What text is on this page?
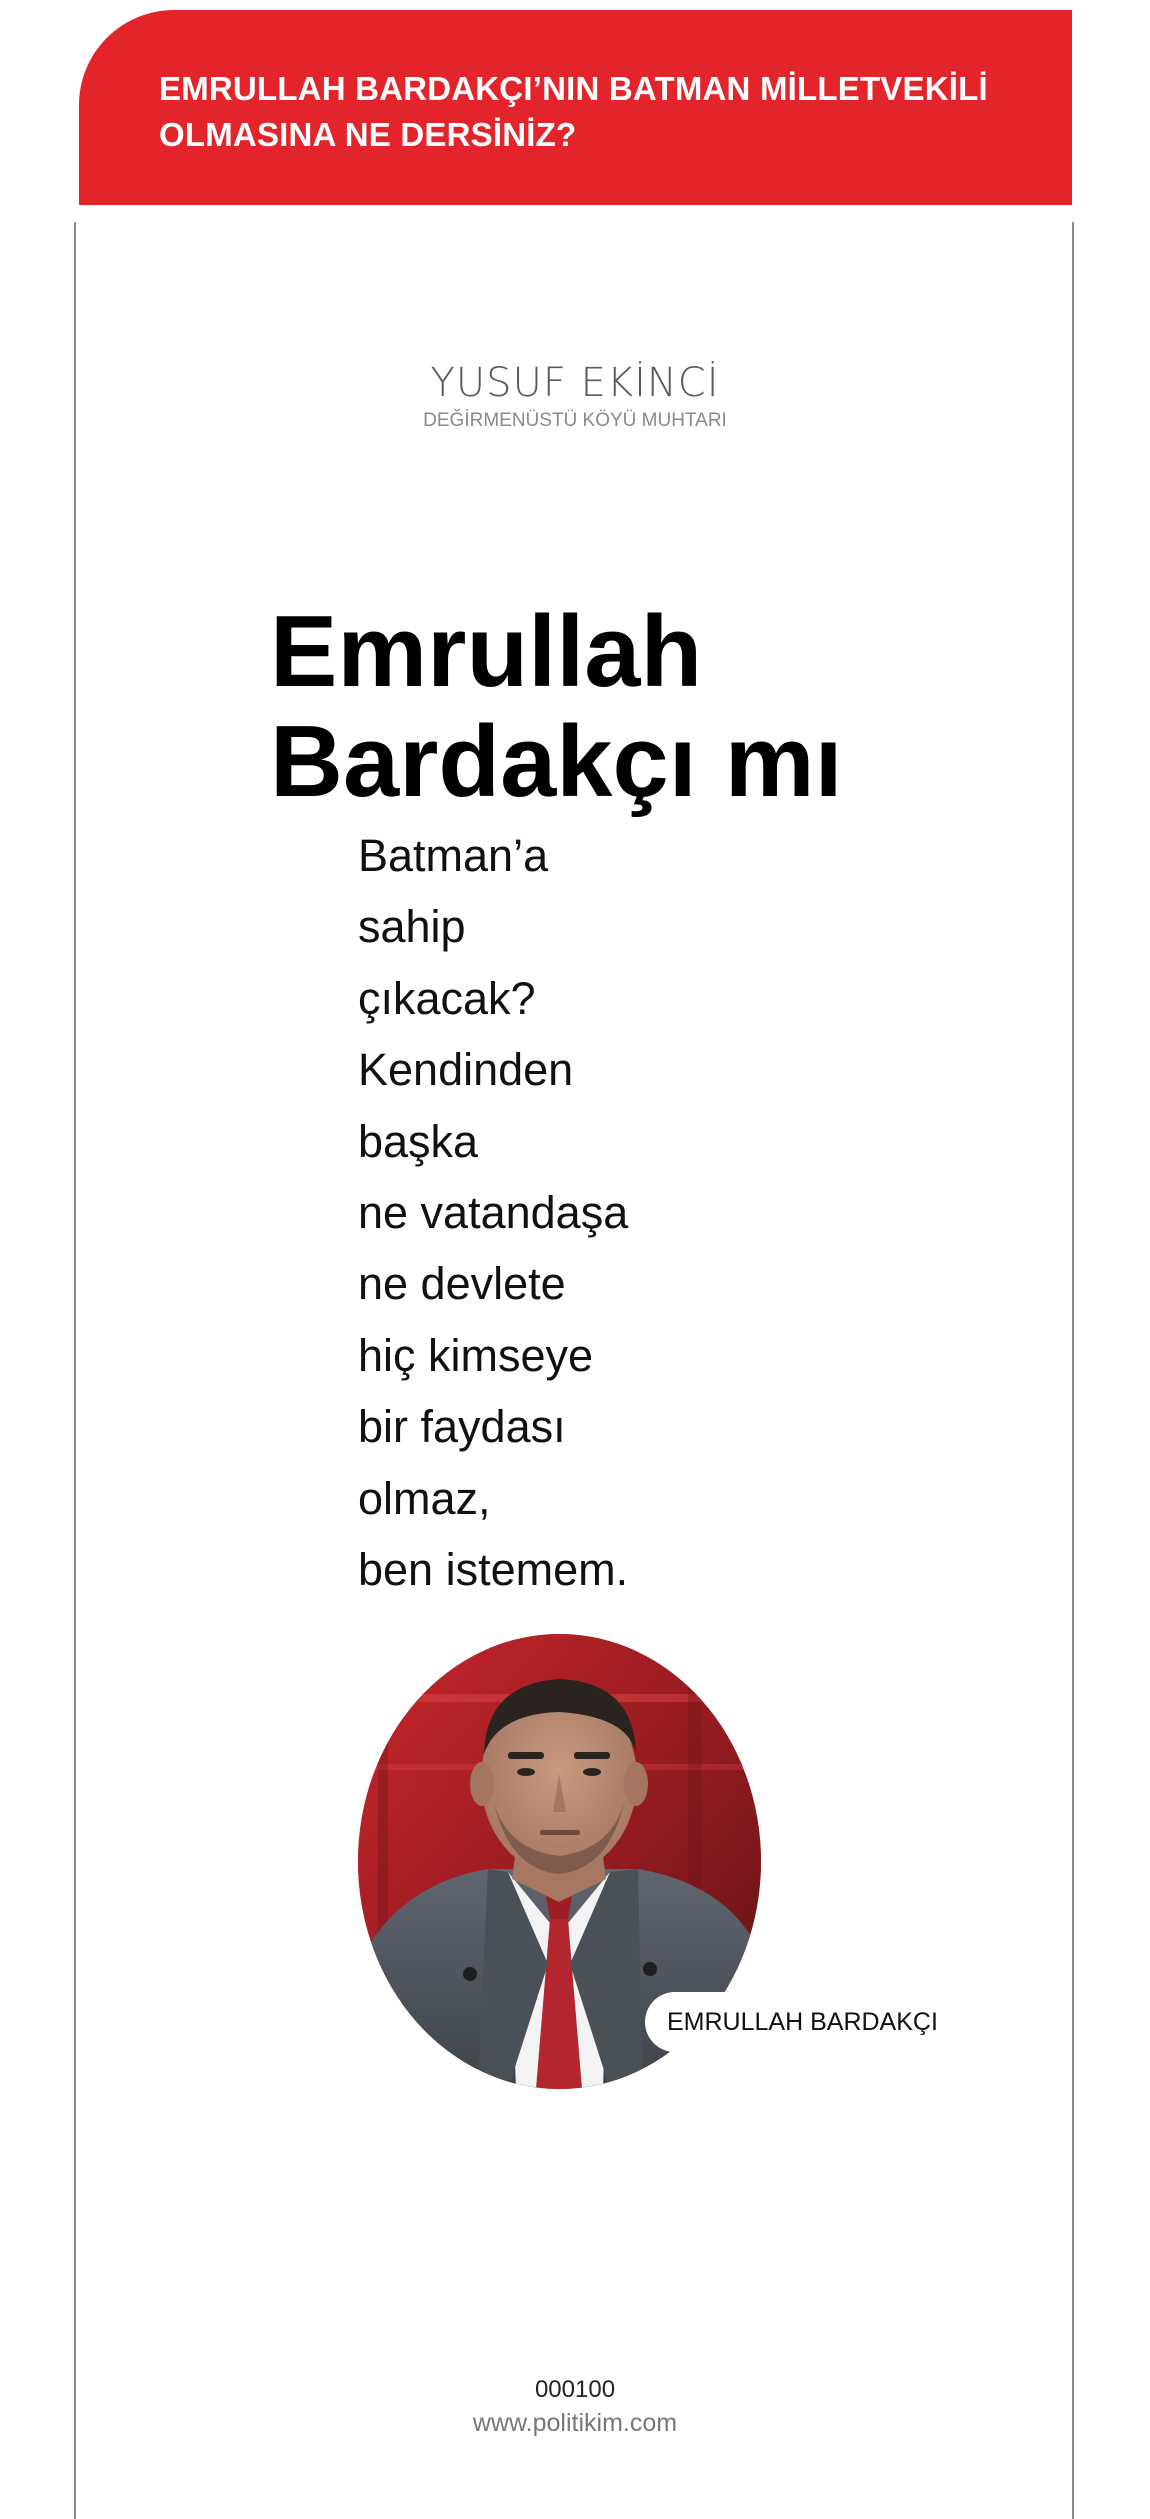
EMRULLAH BARDAKÇI’NIN BATMAN MİLLETVEKİLİ OLMASINA NE DERSİNİZ?
YUSUF EKİNCİ
DEĞİRMENÜSTÜ KÖYÜ MUHTARI
Emrullah
Bardakçı mı
Batman’a
sahip
çıkacak?
Kendinden
başka
ne vatandaşa
ne devlete
hiç kimseye
bir faydası
olmaz,
ben istemem.
EMRULLAH BARDAKÇI
000100
www.politikim.com
